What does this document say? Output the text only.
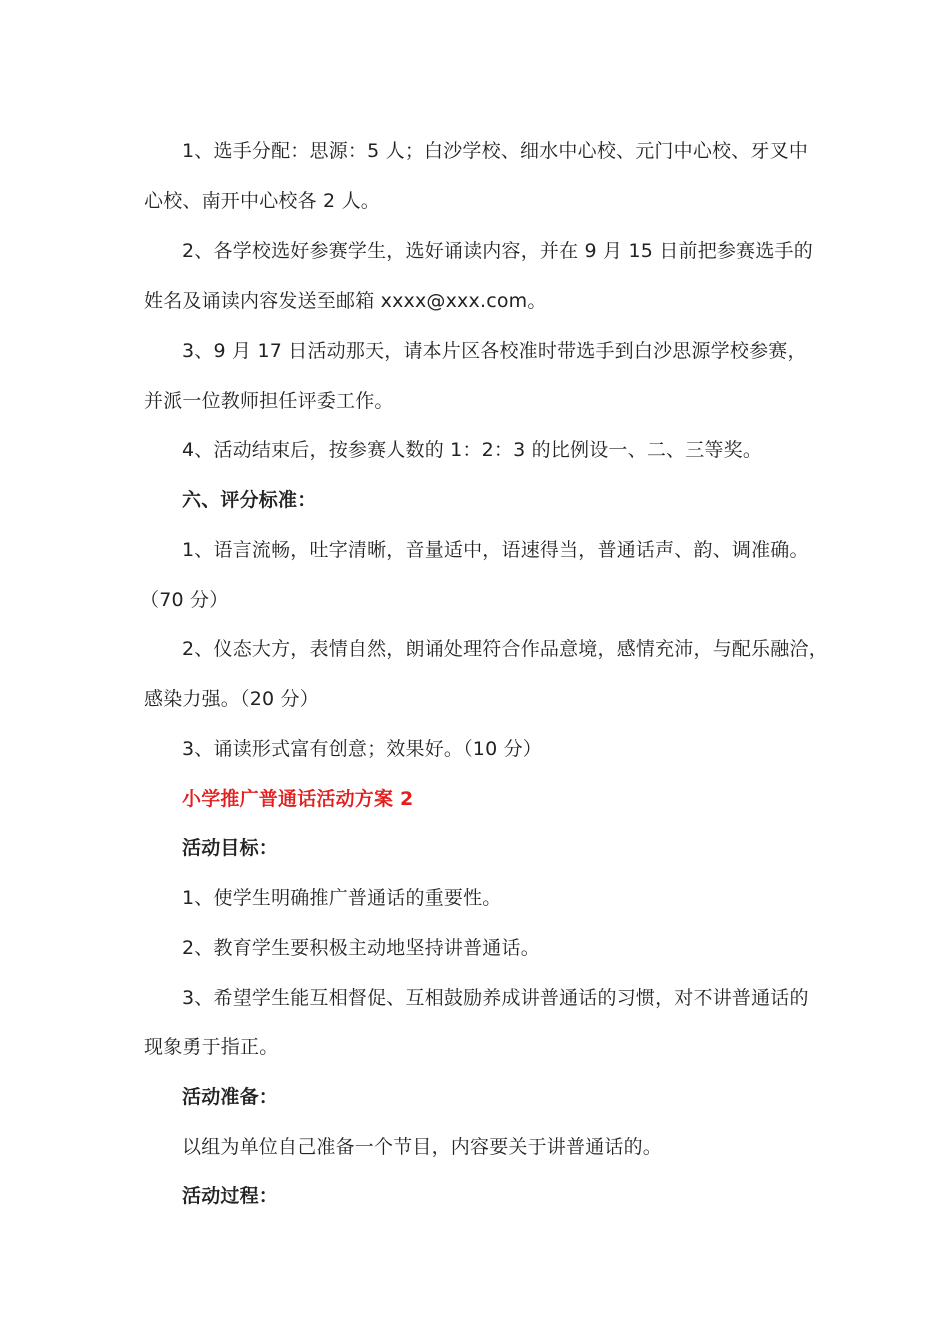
1、选手分配：思源：5 人；白沙学校、细水中心校、元门中心校、牙叉中
心校、南开中心校各 2 人。
2、各学校选好参赛学生，选好诵读内容，并在 9 月 15 日前把参赛选手的
姓名及诵读内容发送至邮箱 xxxx@xxx.com。
3、9 月 17 日活动那天，请本片区各校准时带选手到白沙思源学校参赛，
并派一位教师担任评委工作。
4、活动结束后，按参赛人数的 1：2：3 的比例设一、二、三等奖。
六、评分标准：
1、语言流畅，吐字清晰，音量适中，语速得当，普通话声、韵、调准确。
（70 分）
2、仪态大方，表情自然，朗诵处理符合作品意境，感情充沛，与配乐融洽，
感染力强。（20 分）
3、诵读形式富有创意；效果好。（10 分）
小学推广普通话活动方案 2
活动目标：
1、使学生明确推广普通话的重要性。
2、教育学生要积极主动地坚持讲普通话。
3、希望学生能互相督促、互相鼓励养成讲普通话的习惯，对不讲普通话的
现象勇于指正。
活动准备：
以组为单位自己准备一个节目，内容要关于讲普通话的。
活动过程：
